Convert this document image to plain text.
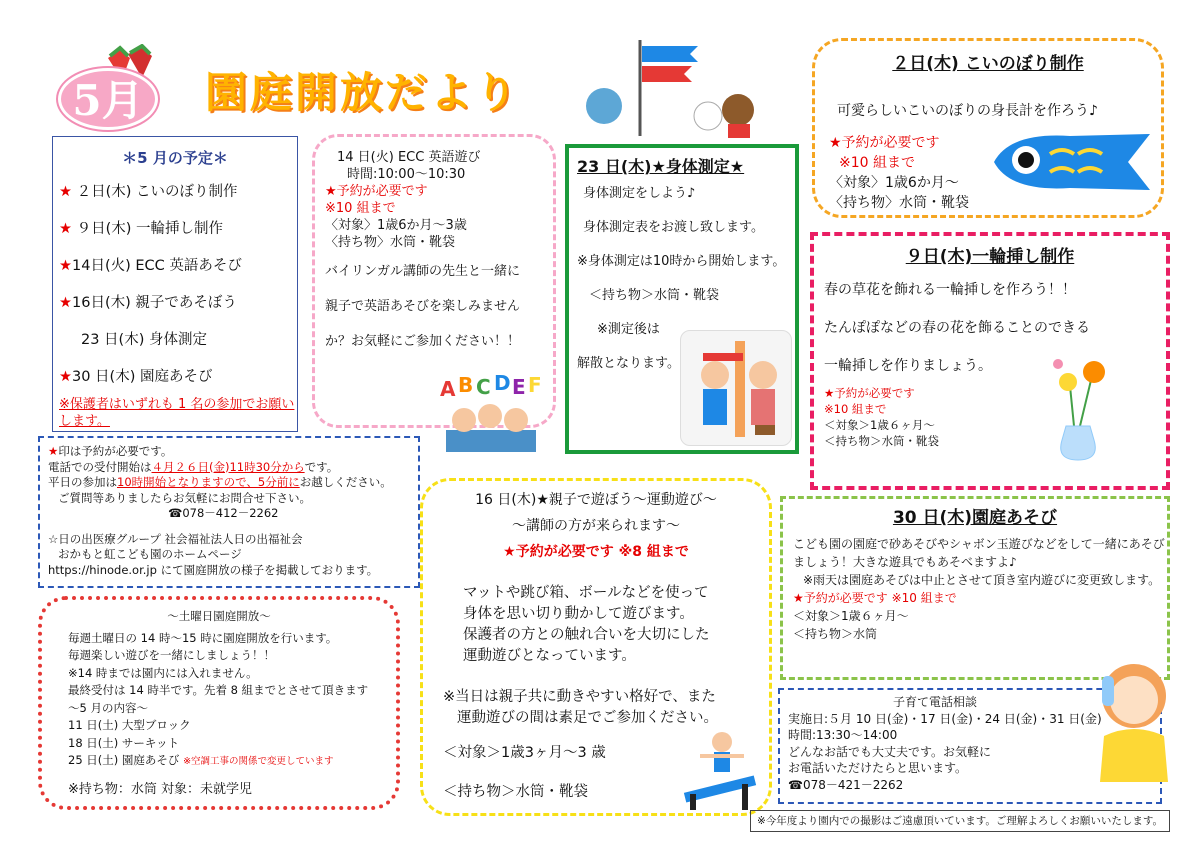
5月	園庭開放だより
＊5 月の予定＊
★ ２日(木) こいのぼり制作
★ ９日(木) 一輪挿し制作
★14日(火) ECC 英語あそび
★16日(木) 親子であそぼう
23 日(木) 身体測定
★30 日(木) 園庭あそび
※保護者はいずれも 1 名の参加でお願いします。
14 日(火) ECC 英語遊び
時間:10:00～10:30
★予約が必要です
※10 組まで
〈対象〉1歳6か月～3歳
〈持ち物〉水筒・靴袋
バイリンガル講師の先生と一緒に
親子で英語あそびを楽しみません
か？お気軽にご参加ください！！
A B C D E F
23 日(木)★身体測定★
身体測定をしよう♪
身体測定表をお渡し致します。
※身体測定は10時から開始します。
＜持ち物＞水筒・靴袋
※測定後は
解散となります。
２日(木) こいのぼり制作
可愛らしいこいのぼりの身長計を作ろう♪
★予約が必要です
※10 組まで
〈対象〉1歳6か月～
〈持ち物〉水筒・靴袋
９日(木)一輪挿し制作
春の草花を飾れる一輪挿しを作ろう！！
たんぽぽなどの春の花を飾ることのできる
一輪挿しを作りましょう。
★予約が必要です
※10 組まで
＜対象＞1歳６ヶ月～
＜持ち物＞水筒・靴袋
★印は予約が必要です。
電話での受付開始は４月２６日(金)11時30分からです。
平日の参加は10時開始となりますので、5分前にお越しください。
ご質問等ありましたらお気軽にお問合せ下さい。
☎078－412－2262
☆日の出医療グループ 社会福祉法人日の出福祉会
おかもと虹こども園のホームページ
https://hinode.or.jp にて園庭開放の様子を掲載しております。
～土曜日園庭開放～
毎週土曜日の 14 時～15 時に園庭開放を行います。
毎週楽しい遊びを一緒にしましょう！！
※14 時までは園内には入れません。
最終受付は 14 時半です。先着 8 組までとさせて頂きます
～5 月の内容～
11 日(土) 大型ブロック
18 日(土) サーキット
25 日(土) 園庭あそび ※空調工事の関係で変更しています
※持ち物：水筒 対象：未就学児
16 日(木)★親子で遊ぼう～運動遊び～
～講師の方が来られます～
★予約が必要です ※8 組まで
マットや跳び箱、ボールなどを使って
身体を思い切り動かして遊びます。
保護者の方との触れ合いを大切にした
運動遊びとなっています。
※当日は親子共に動きやすい格好で、また
運動遊びの間は素足でご参加ください。
＜対象＞1歳3ヶ月～3 歳
＜持ち物＞水筒・靴袋
30 日(木)園庭あそび
こども園の園庭で砂あそびやシャボン玉遊びなどをして一緒にあそび
ましょう！大きな遊具でもあそべますよ♪
※雨天は園庭あそびは中止とさせて頂き室内遊びに変更致します。
★予約が必要です ※10 組まで
＜対象＞1歳６ヶ月～
＜持ち物＞水筒
子育て電話相談
実施日:５月 10 日(金)・17 日(金)・24 日(金)・31 日(金)
時間:13:30～14:00
どんなお話でも大丈夫です。お気軽に
お電話いただけたらと思います。
☎078－421－2262
※今年度より園内での撮影はご遠慮頂いています。ご理解よろしくお願いいたします。
